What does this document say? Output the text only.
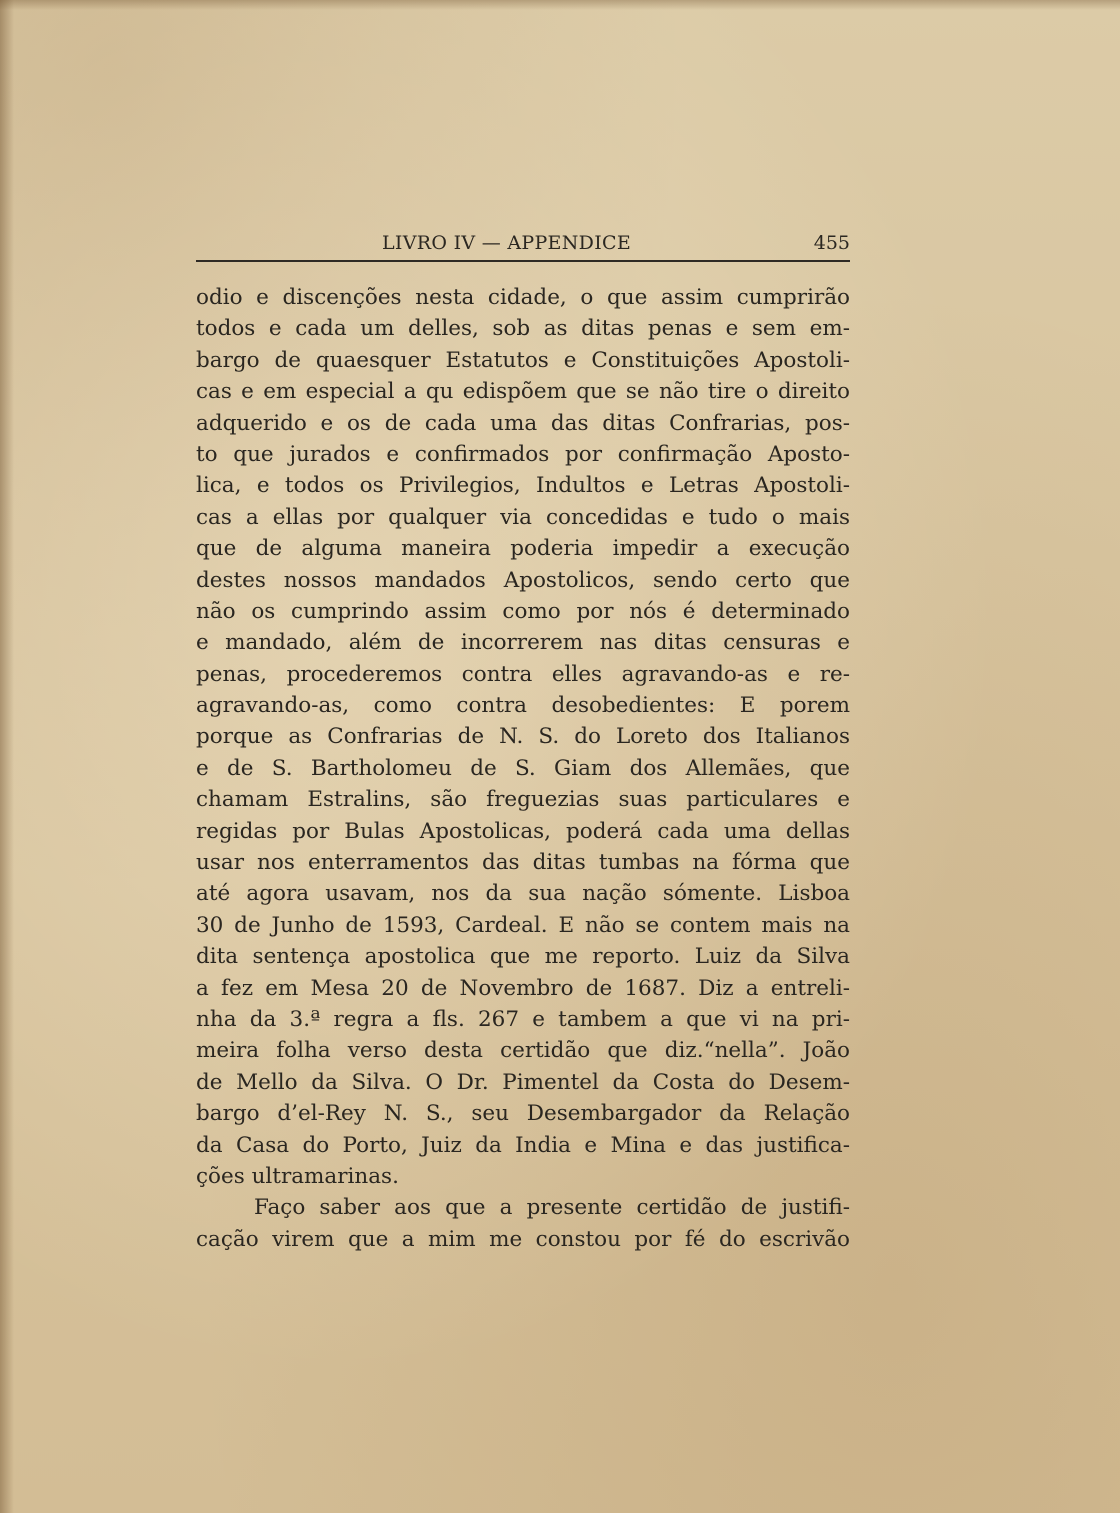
LIVRO IV — APPENDICE	455
odio e discenções nesta cidade, o que assim cumprirão
todos e cada um delles, sob as ditas penas e sem em-
bargo de quaesquer Estatutos e Constituições Apostoli-
cas e em especial a qu edispõem que se não tire o direito
adquerido e os de cada uma das ditas Confrarias, pos-
to que jurados e confirmados por confirmação Aposto-
lica, e todos os Privilegios, Indultos e Letras Apostoli-
cas a ellas por qualquer via concedidas e tudo o mais
que de alguma maneira poderia impedir a execução
destes nossos mandados Apostolicos, sendo certo que
não os cumprindo assim como por nós é determinado
e mandado, além de incorrerem nas ditas censuras e
penas, procederemos contra elles agravando-as e re-
agravando-as, como contra desobedientes: E porem
porque as Confrarias de N. S. do Loreto dos Italianos
e de S. Bartholomeu de S. Giam dos Allemães, que
chamam Estralins, são freguezias suas particulares e
regidas por Bulas Apostolicas, poderá cada uma dellas
usar nos enterramentos das ditas tumbas na fórma que
até agora usavam, nos da sua nação sómente. Lisboa
30 de Junho de 1593, Cardeal. E não se contem mais na
dita sentença apostolica que me reporto. Luiz da Silva
a fez em Mesa 20 de Novembro de 1687. Diz a entreli-
nha da 3.ª regra a fls. 267 e tambem a que vi na pri-
meira folha verso desta certidão que diz.“nella”. João
de Mello da Silva. O Dr. Pimentel da Costa do Desem-
bargo d’el-Rey N. S., seu Desembargador da Relação
da Casa do Porto, Juiz da India e Mina e das justifica-
ções ultramarinas.
Faço saber aos que a presente certidão de justifi-
cação virem que a mim me constou por fé do escrivão
